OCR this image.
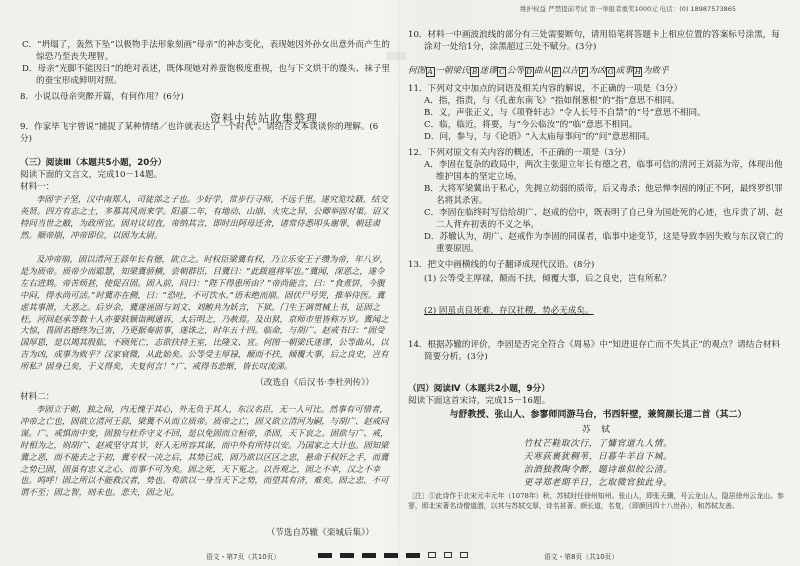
维护权益 严禁提前考试 第一举报者重奖1000元 电话：(0) 18987573865
C．“坍塌了，轰然下坠”以极物手法形象刻画“母亲”的神态变化，表现她因外孙女出意外而产生的惊恐乃至丧失理智。
D．母亲“光脚不能因日”的绝对表述，既体现她对养蚕饱极度重视，也与下文烘干的馒头、袜子里的蚕宝形成鲜明对照。
8．小说以母亲突醉开篇，有何作用？(6分)
9．作家毕飞宇曾说“捕捉了某种情绪／也许就表达了一个时代”。请结合文本谈谈你的理解。(6分)
（三）阅读Ⅲ（本题共5小题，20分）
阅读下面的文言文，完成10－14题。
材料一：
李固字子坚，汉中南郑人，司徒郃之子也。少好学，常步行寻师，不远千里。遂究览坟籍，结交英贤。四方有志之士，多慕其风而来学。阳嘉二年，有地动、山崩、火灾之异，公卿举固对策。诏又特问当世之敝，为政所宜。固对议切直，帝纳其言，即时出阿母还舍，诸常侍悉叩头谢罪，朝廷肃然。顺帝崩，冲帝即位，以固为太尉。
及冲帝崩，固以清河王蒜年长有德，欲立之。时权臣梁冀有权，乃立乐安王子缵为帝，年八岁，是为质帝。质帝少而聪慧，知梁冀骄横，尝朝群臣，目冀曰：“此跋扈将军也。”冀闻，深恶之，遂令左右进鸩。帝苦烦甚，使促召固。固入前，问曰：“陛下得患所由？”帝尚能言，曰：“食煮饼，今腹中闷，得水尚可活。”时冀亦在侧，曰：“恐吐，不可饮水。”语未绝而崩。固伏尸号哭，推举侍医。冀虑其事泄，大恶之。后岁余，冀遂诬固与刘文、刘鲔共为妖言，下狱。门生王调贯械上书，证固之枉，河间赵承等数十人亦要鈇锧诣阙通诉，太后明之，乃赦焉。及出狱，京师市里皆称万岁。冀闻之大惊，畏固名德终为己害，乃更据奏前事，遂诛之，时年五十四。临命，与胡广、赵戒书曰：“固受国厚恩，是以竭其股肱，不顾死亡，志欲扶持王室，比隆文、宣。何图一朝梁氏迷谬，公等曲从，以吉为凶，成事为败乎？汉家衰微，从此始矣。公等受主厚禄，颠而不扶，倾覆大事，后之良史，岂有所私？固身已矣，于义得矣，夫复何言！”广、戒得书悲惭，皆长叹流涕。
（改选自《后汉书·李杜列传》）
材料二：
李固立于朝，独之间，内无愧于其心，外无负于其人，东汉名臣，无一人可比。然事有可惜者，冲帝之亡也，固欲立清河王蒜，梁冀不从而立质帝。质帝之亡，固又欲立清河为嗣，与胡广、赵戒同谋。广、戒惧而中变，固独与杜乔守义不回，是以免固而立桓帝，杀固，天下哀之。固欲与广、戒，时相为之，则胡广、赵戒坚守其节，奸人无所容其谋，而中外有所恃以安。乃国家之大计也。固知梁冀之恶，而不能去之于初，冀专权一决之后，其势已成，固乃欲以区区之忠，悬命于权奸之手，而冀之势已固，固虽有忠义之心，而事不可为矣。固之死，天下冤之。以吾观之，固之不幸，汉之不幸也。呜呼！固之所以不能救汉者，势也。苟欲以一身当天下之势，而望其有济，难矣。固之忠，不可谓不至；固之智，则未也。悲夫，固之见。
（节选自苏辙《栾城后集》）
资料中转站收集整理
10．材料一中画波浪线的部分有三处需要断句，请用铅笔将答题卡上相应位置的答案标号涂黑，每涂对一处给1分，涂黑超过三处不赋分。(3分)
何图 A 一朝梁氏 B 迷谬 C 公等 D 曲从 E 以吉 F 为凶 G 成事 H 为败乎
11．下列对文中加点的词语及相关内容的解说，不正确的一项是（3分）
A．指，指责，与《孔雀东南飞》“指如削葱根”的“指”意思不相同。
B．义，声张正义，与《项脊轩志》“令人长号不自禁”的“号”意思不相同。
C．临，临近，将要，与“今公临汝”的“临”意思不相同。
D．问，参与，与《论语》“入太庙每事问”的“问”意思相同。
12．下列对原文有关内容的概述，不正确的一项是（3分）
A．李固在复杂的政局中，两次主张迎立年长有德之君，临事可信的清河王刘蒜为帝，体现出他维护国本的坚定立场。
B．大将军梁冀出于私心，先拥立幼弱的质帝，后又毒杀；他忌惮李固的刚正不阿，最终罗织罪名将其杀害。
C．李固在临终时写信给胡广、赵戒的信中，既表明了自己身为国赴死的心迹，也斥责了胡、赵二人背弃初衷的不义之举。
D．苏辙认为，胡广、赵戒作为李固的同谋者，临事中途变节，这是导致李固失败与东汉衰亡的重要原因。
13．把文中画横线的句子翻译成现代汉语。(8分)
(1) 公等受主厚禄，颠而不扶，倾覆大事，后之良史，岂有所私？
(2) 固虽贞良死难，存汉社稷，势必无成矣。
14．根据苏辙的评价，李固是否完全符合《周易》中“知进退存亡而不失其正”的观点？请结合材料简要分析。(3分)
（四）阅读Ⅳ（本题共2小题，9分）
阅读下面这首宋诗，完成15－16题。
与舒教授、张山人、参寥师同游马台，书西轩壁，兼简颜长道二首（其二）
苏 轼
竹杖芒鞋取次行，了慵官道九人情。
天寒荻裹犹稠苇，日暮牛羊自下城。
治酒独教陶令醉，题诗谁似皎公清。
更寻郑老期半日，乞取微官独此身。
〔注〕①此诗作于北宋元丰元年（1078年）秋，苏轼时任徐州知州。张山人，即张天骥，号云龙山人，隐居徐州云龙山。参寥，即北宋著名诗僧道潜，以其与苏轼交厚，诗名甚著。颜长道，名复，（即颜回四十八世孙），和苏轼友善。
语文・第7页（共10页）	语文・第8页（共10页）
